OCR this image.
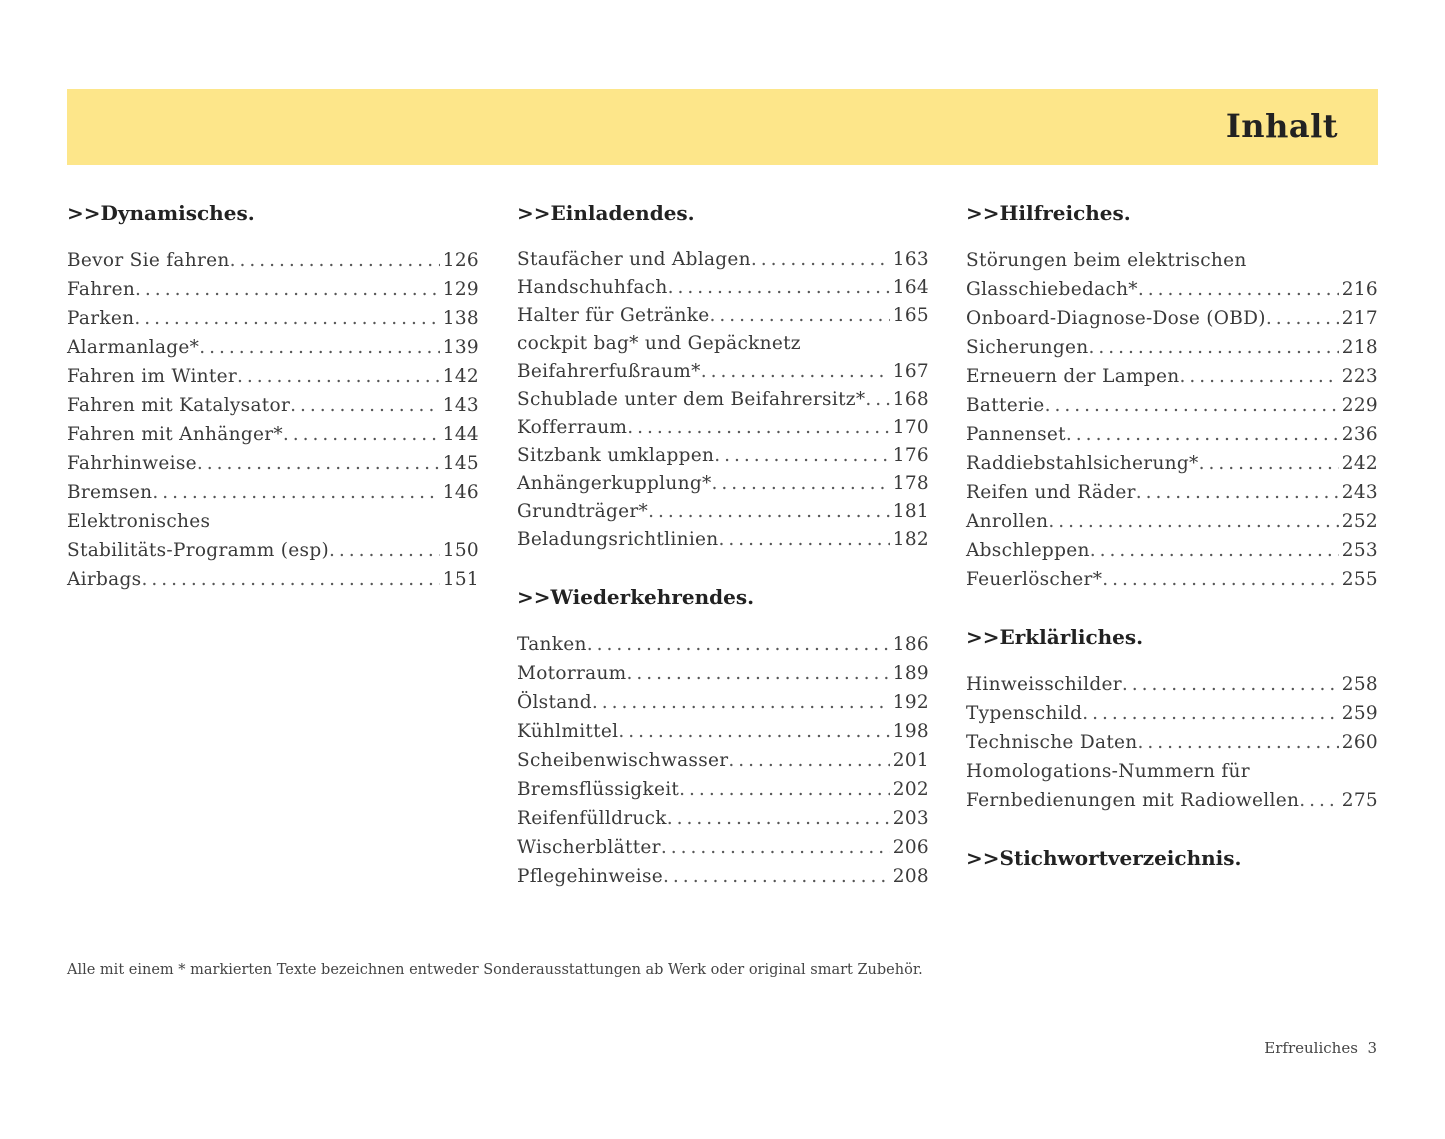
Inhalt
>>Dynamisches.
Bevor Sie fahren .....	126
Fahren .....	129
Parken .....	138
Alarmanlage* .....	139
Fahren im Winter .....	142
Fahren mit Katalysator .....	143
Fahren mit Anhänger* .....	144
Fahrhinweise .....	145
Bremsen .....	146
Elektronisches
Stabilitäts-Programm (esp) .....	150
Airbags .....	151
>>Einladendes.
Staufächer und Ablagen .....	163
Handschuhfach .....	164
Halter für Getränke .....	165
cockpit bag* und Gepäcknetz
Beifahrerfußraum* .....	167
Schublade unter dem Beifahrersitz* ..... 168
Kofferraum .....	170
Sitzbank umklappen .....	176
Anhängerkupplung* .....	178
Grundträger* .....	181
Beladungsrichtlinien .....	182
>>Wiederkehrendes.
Tanken .....	186
Motorraum .....	189
Ölstand .....	192
Kühlmittel .....	198
Scheibenwischwasser .....	201
Bremsflüssigkeit .....	202
Reifenfülldruck .....	203
Wischerblätter .....	206
Pflegehinweise .....	208
>>Hilfreiches.
Störungen beim elektrischen
Glasschiebedach* .....	216
Onboard-Diagnose-Dose (OBD) .....	217
Sicherungen .....	218
Erneuern der Lampen .....	223
Batterie .....	229
Pannenset .....	236
Raddiebstahlsicherung* .....	242
Reifen und Räder .....	243
Anrollen .....	252
Abschleppen .....	253
Feuerlöscher* .....	255
>>Erklärliches.
Hinweisschilder .....	258
Typenschild .....	259
Technische Daten .....	260
Homologations-Nummern für
Fernbedienungen mit Radiowellen ..... 275
>>Stichwortverzeichnis.
Alle mit einem * markierten Texte bezeichnen entweder Sonderausstattungen ab Werk oder original smart Zubehör.
Erfreuliches 3
